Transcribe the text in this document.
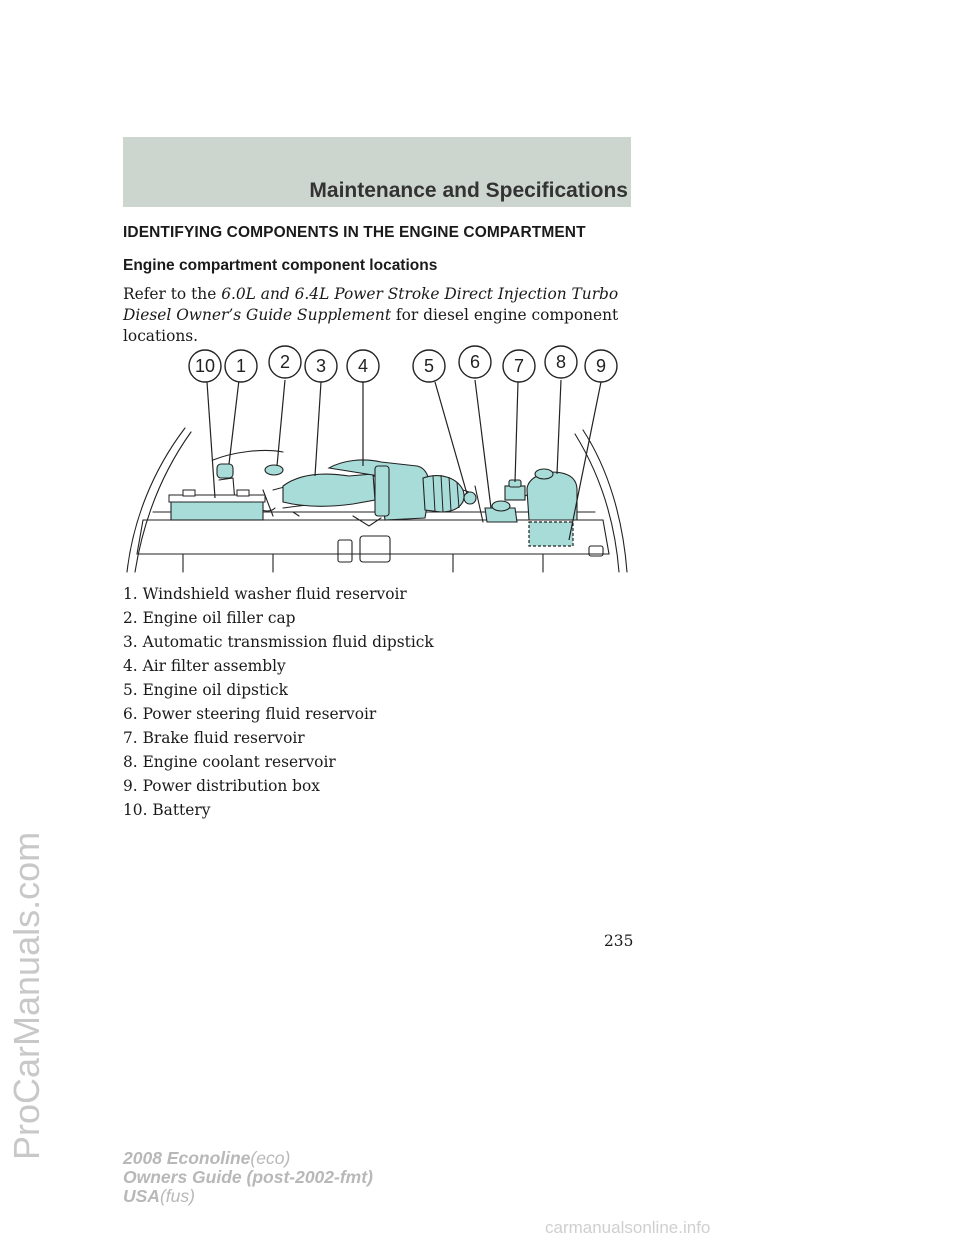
Maintenance and Specifications
IDENTIFYING COMPONENTS IN THE ENGINE COMPARTMENT
Engine compartment component locations

Refer to the 6.0L and 6.4L Power Stroke Direct Injection Turbo Diesel Owner’s Guide Supplement for diesel engine component locations.

10 1 2 3 4	5 6 7 8 9
1. Windshield washer fluid reservoir
2. Engine oil filler cap
3. Automatic transmission fluid dipstick
4. Air filter assembly
5. Engine oil dipstick
6. Power steering fluid reservoir
7. Brake fluid reservoir
8. Engine coolant reservoir
9. Power distribution box
10. Battery
235
2008 Econoline(eco)
Owners Guide (post-2002-fmt)
USA(fus)
ProCarManuals.com
carmanualsonline.info
